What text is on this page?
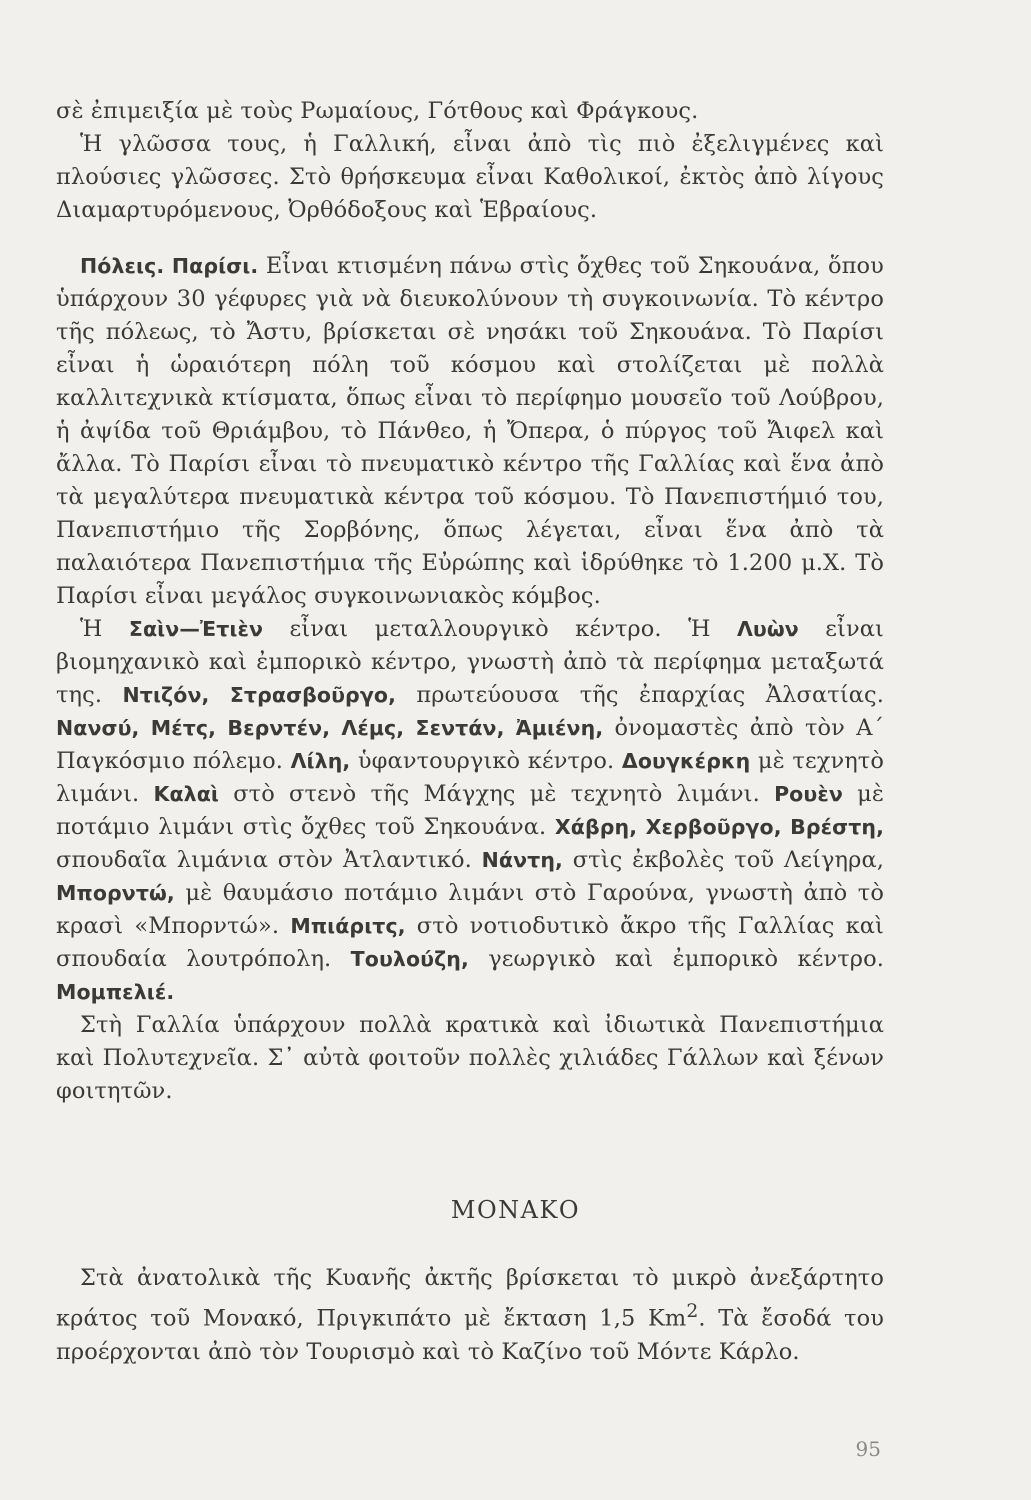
σὲ ἐπιμειξία μὲ τοὺς Ρωμαίους, Γότθους καὶ Φράγκους.

Ἡ γλῶσσα τους, ἡ Γαλλική, εἶναι ἀπὸ τὶς πιὸ ἐξελιγμένες καὶ πλούσιες γλῶσσες. Στὸ θρήσκευμα εἶναι Καθολικοί, ἐκτὸς ἀπὸ λίγους Διαμαρτυρόμενους, Ὀρθόδοξους καὶ Ἑβραίους.

Πόλεις. Παρίσι. Εἶναι κτισμένη πάνω στὶς ὄχθες τοῦ Σηκουάνα, ὅπου ὑπάρχουν 30 γέφυρες γιὰ νὰ διευκολύνουν τὴ συγκοινωνία. Τὸ κέντρο τῆς πόλεως, τὸ Ἄστυ, βρίσκεται σὲ νησάκι τοῦ Σηκουάνα. Τὸ Παρίσι εἶναι ἡ ὡραιότερη πόλη τοῦ κόσμου καὶ στολίζεται μὲ πολλὰ καλλιτεχνικὰ κτίσματα, ὅπως εἶναι τὸ περίφημο μουσεῖο τοῦ Λούβρου, ἡ ἀψίδα τοῦ Θριάμβου, τὸ Πάνθεο, ἡ Ὄπερα, ὁ πύργος τοῦ Ἄιφελ καὶ ἄλλα. Τὸ Παρίσι εἶναι τὸ πνευματικὸ κέντρο τῆς Γαλλίας καὶ ἕνα ἀπὸ τὰ μεγαλύτερα πνευματικὰ κέντρα τοῦ κόσμου. Τὸ Πανεπιστήμιό του, Πανεπιστήμιο τῆς Σορβόνης, ὅπως λέγεται, εἶναι ἕνα ἀπὸ τὰ παλαιότερα Πανεπιστήμια τῆς Εὐρώπης καὶ ἱδρύθηκε τὸ 1.200 μ.Χ. Τὸ Παρίσι εἶναι μεγάλος συγκοινωνιακὸς κόμβος.

Ἡ Σαὶν—Ἐτιὲν εἶναι μεταλλουργικὸ κέντρο. Ἡ Λυὼν εἶναι βιομηχανικὸ καὶ ἐμπορικὸ κέντρο, γνωστὴ ἀπὸ τὰ περίφημα μεταξωτά της. Ντιζόν, Στρασβοῦργο, πρωτεύουσα τῆς ἐπαρχίας Ἀλσατίας. Νανσύ, Μέτς, Βερντέν, Λέμς, Σεντάν, Ἀμιένη, ὀνομαστὲς ἀπὸ τὸν Α΄ Παγκόσμιο πόλεμο. Λίλη, ὑφαντουργικὸ κέντρο. Δουγκέρκη μὲ τεχνητὸ λιμάνι. Καλαὶ στὸ στενὸ τῆς Μάγχης μὲ τεχνητὸ λιμάνι. Ρουὲν μὲ ποτάμιο λιμάνι στὶς ὄχθες τοῦ Σηκουάνα. Χάβρη, Χερβοῦργο, Βρέστη, σπουδαῖα λιμάνια στὸν Ἀτλαντικό. Νάντη, στὶς ἐκβολὲς τοῦ Λείγηρα, Μπορντώ, μὲ θαυμάσιο ποτάμιο λιμάνι στὸ Γαρούνα, γνωστὴ ἀπὸ τὸ κρασὶ «Μπορντώ». Μπιάριτς, στὸ νοτιοδυτικὸ ἄκρο τῆς Γαλλίας καὶ σπουδαία λουτρόπολη. Τουλούζη, γεωργικὸ καὶ ἐμπορικὸ κέντρο. Μομπελιέ.

Στὴ Γαλλία ὑπάρχουν πολλὰ κρατικὰ καὶ ἰδιωτικὰ Πανεπιστήμια καὶ Πολυτεχνεῖα. Σ᾽ αὐτὰ φοιτοῦν πολλὲς χιλιάδες Γάλλων καὶ ξένων φοιτητῶν.

ΜΟΝΑΚΟ

Στὰ ἀνατολικὰ τῆς Κυανῆς ἀκτῆς βρίσκεται τὸ μικρὸ ἀνεξάρτητο κράτος τοῦ Μονακό, Πριγκιπάτο μὲ ἔκταση 1,5 Km$^2$. Τὰ ἔσοδά του προέρχονται ἀπὸ τὸν Τουρισμὸ καὶ τὸ Καζίνο τοῦ Μόντε Κάρλο.

95
